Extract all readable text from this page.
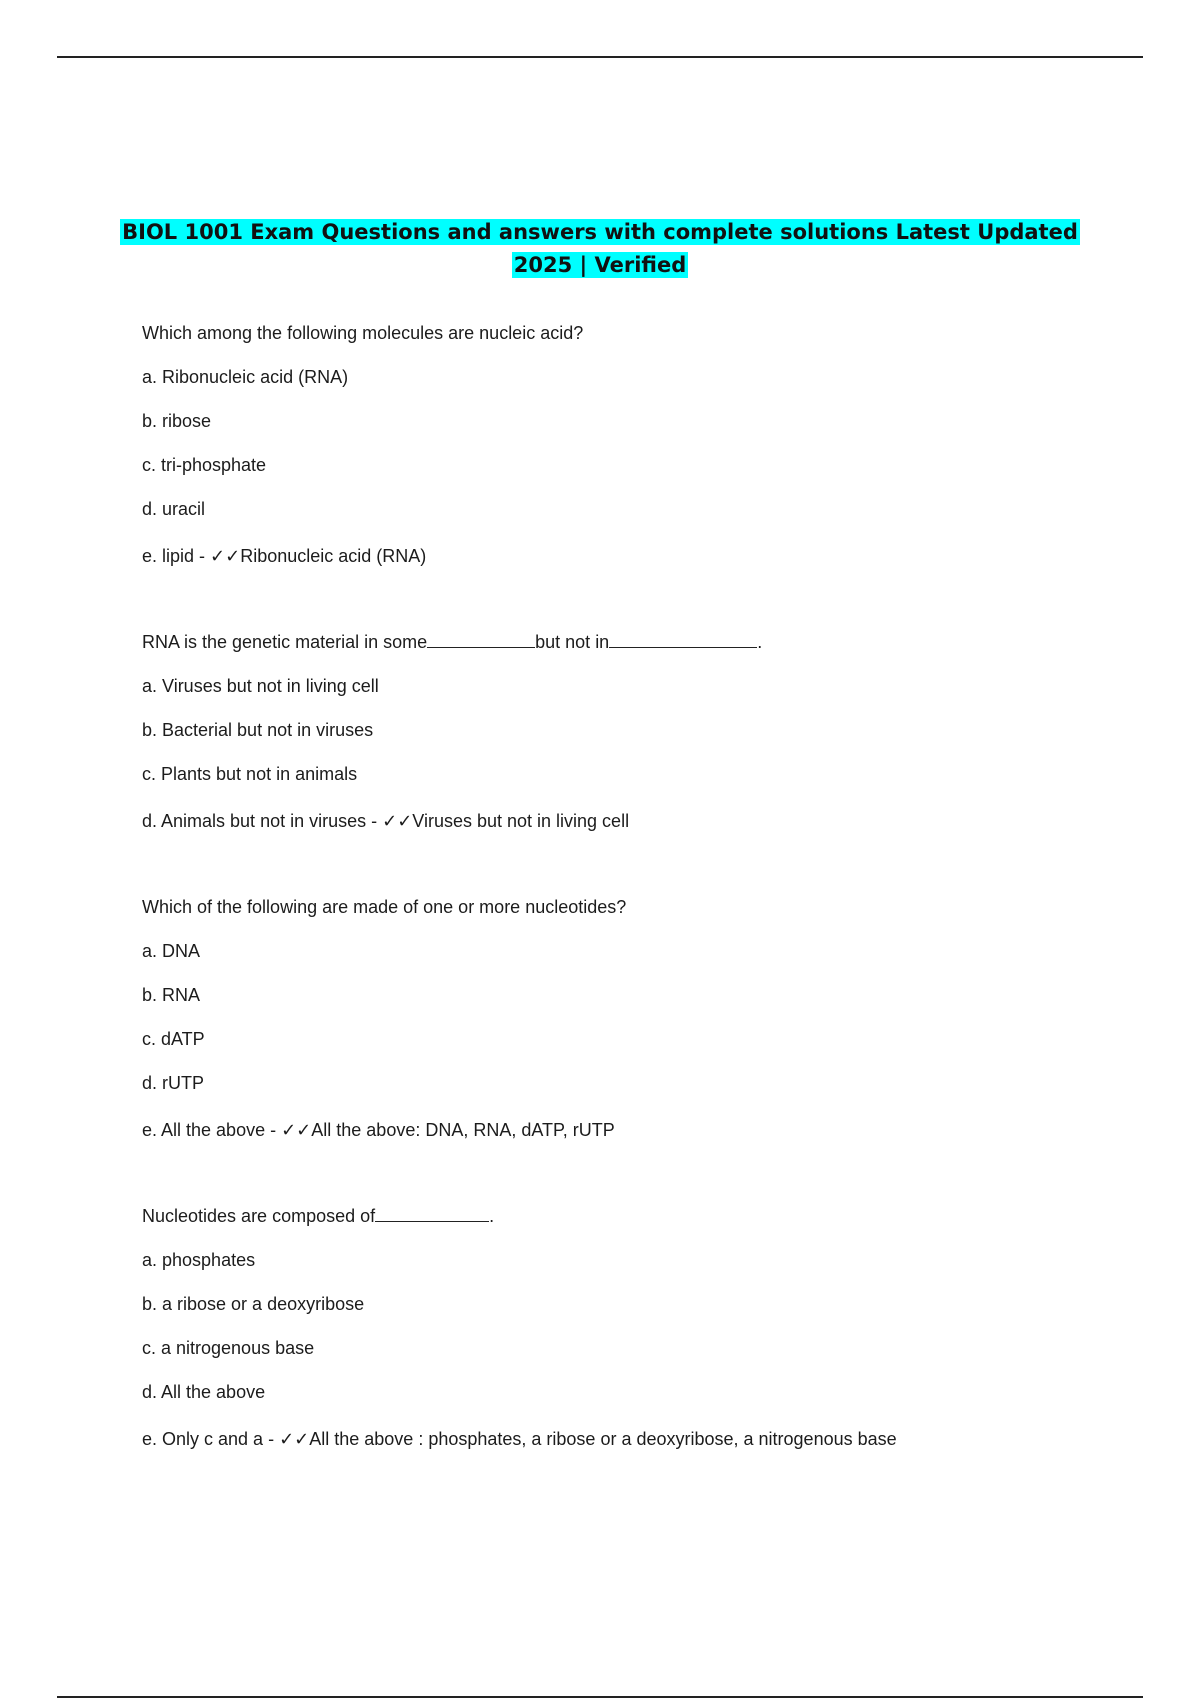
BIOL 1001 Exam Questions and answers with complete solutions Latest Updated
2025 | Verified

Which among the following molecules are nucleic acid?

a. Ribonucleic acid (RNA)

b. ribose

c. tri-phosphate

d. uracil

e. lipid - ✓✓Ribonucleic acid (RNA)

RNA is the genetic material in some	but not in	.

a. Viruses but not in living cell

b. Bacterial but not in viruses

c. Plants but not in animals

d. Animals but not in viruses - ✓✓Viruses but not in living cell

Which of the following are made of one or more nucleotides?

a. DNA

b. RNA

c. dATP

d. rUTP

e. All the above - ✓✓All the above: DNA, RNA, dATP, rUTP

Nucleotides are composed of	.

a. phosphates

b. a ribose or a deoxyribose

c. a nitrogenous base

d. All the above

e. Only c and a - ✓✓All the above : phosphates, a ribose or a deoxyribose, a nitrogenous base
